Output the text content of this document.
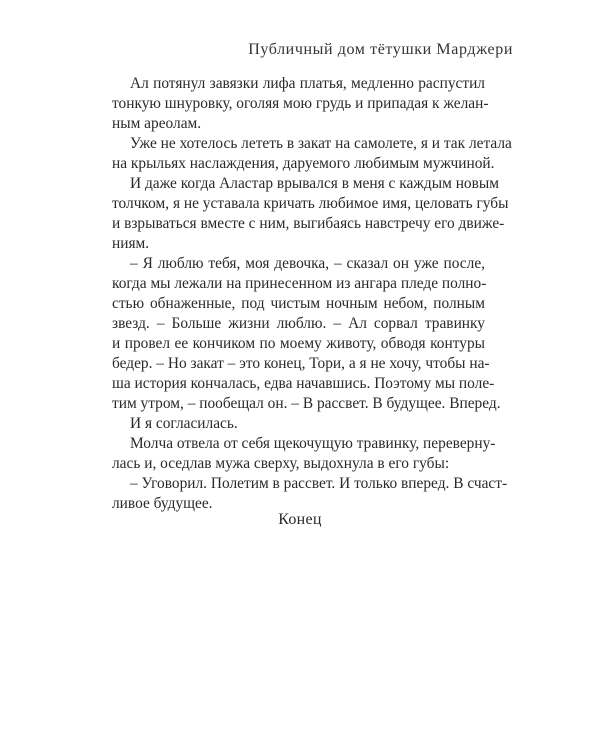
Публичный дом тётушки Марджери
Ал потянул завязки лифа платья, медленно распустил
тонкую шнуровку, оголяя мою грудь и припадая к желан-
ным ареолам.
Уже не хотелось лететь в закат на самолете, я и так летала
на крыльях наслаждения, даруемого любимым мужчиной.
И даже когда Аластар врывался в меня с каждым новым
толчком, я не уставала кричать любимое имя, целовать губы
и взрываться вместе с ним, выгибаясь навстречу его движе-
ниям.
– Я люблю тебя, моя девочка, – сказал он уже после,
когда мы лежали на принесенном из ангара пледе полно-
стью обнаженные, под чистым ночным небом, полным
звезд. – Больше жизни люблю. – Ал сорвал травинку
и провел ее кончиком по моему животу, обводя контуры
бедер. – Но закат – это конец, Тори, а я не хочу, чтобы на-
ша история кончалась, едва начавшись. Поэтому мы поле-
тим утром, – пообещал он. – В рассвет. В будущее. Вперед.
И я согласилась.
Молча отвела от себя щекочущую травинку, переверну-
лась и, оседлав мужа сверху, выдохнула в его губы:
– Уговорил. Полетим в рассвет. И только вперед. В счаст-
ливое будущее.
Конец
